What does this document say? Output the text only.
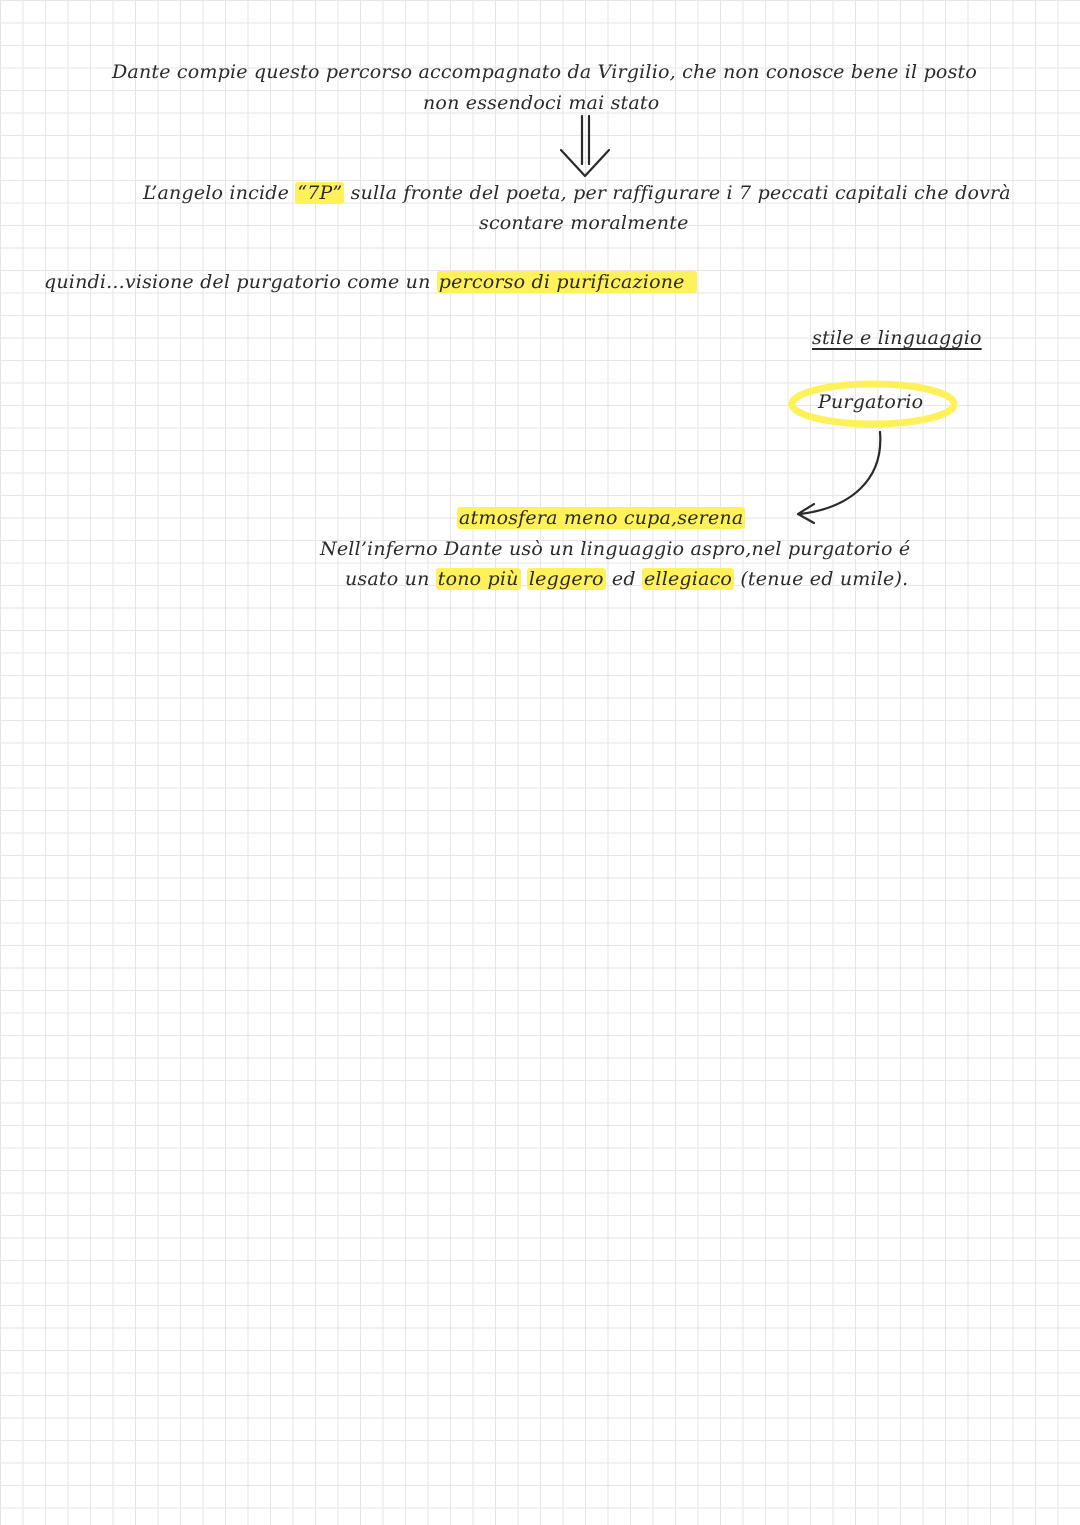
Dante compie questo percorso accompagnato da Virgilio, che non conosce bene il posto
non essendoci mai stato
L’angelo incide “7P” sulla fronte del poeta, per raffigurare i 7 peccati capitali che dovrà
scontare moralmente
quindi...visione del purgatorio come un percorso di purificazione
stile e linguaggio
Purgatorio
atmosfera meno cupa,serena
Nell’inferno Dante usò un linguaggio aspro,nel purgatorio é
usato un tono più leggero ed ellegiaco (tenue ed umile).
